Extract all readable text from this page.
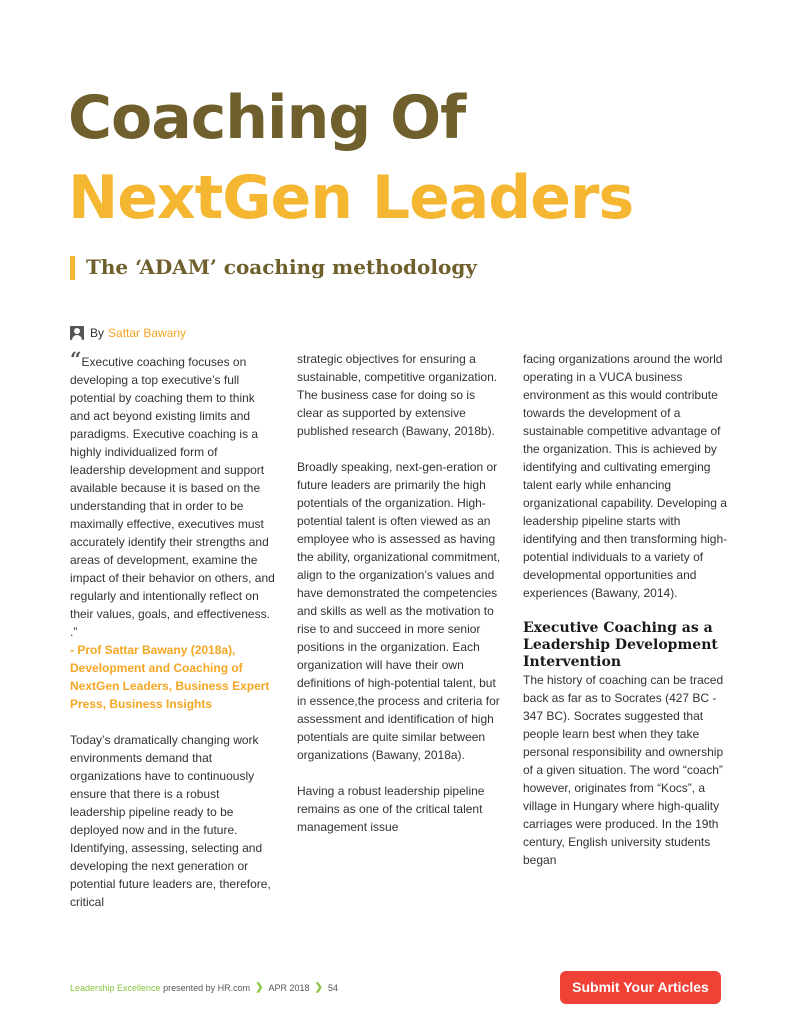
Coaching Of
NextGen Leaders
The ‘ADAM’ coaching methodology
By Sattar Bawany

“Executive coaching focuses on developing a top executive’s full potential by coaching them to think and act beyond existing limits and paradigms. Executive coaching is a highly individualized form of leadership development and support available because it is based on the understanding that in order to be maximally effective, executives must accurately identify their strengths and areas of development, examine the impact of their behavior on others, and regularly and intentionally reflect on their values, goals, and effectiveness. .”

- Prof Sattar Bawany (2018a), Development and Coaching of NextGen Leaders, Business Expert Press, Business Insights

Today’s dramatically changing work environments demand that organizations have to continuously ensure that there is a robust leadership pipeline ready to be deployed now and in the future. Identifying, assessing, selecting and developing the next generation or potential future leaders are, therefore, critical

strategic objectives for ensuring a sustainable, competitive organization. The business case for doing so is clear as supported by extensive published research (Bawany, 2018b).

Broadly speaking, next-gen-eration or future leaders are primarily the high potentials of the organization. High-potential talent is often viewed as an employee who is assessed as having the ability, organizational commitment, align to the organization’s values and have demonstrated the competencies and skills as well as the motivation to rise to and succeed in more senior positions in the organization. Each organization will have their own definitions of high-potential talent, but in essence,the process and criteria for assessment and identification of high potentials are quite similar between organizations (Bawany, 2018a).

Having a robust leadership pipeline remains as one of the critical talent management issue

facing organizations around the world operating in a VUCA business environment as this would contribute towards the development of a sustainable competitive advantage of the organization. This is achieved by identifying and cultivating emerging talent early while enhancing organizational capability. Developing a leadership pipeline starts with identifying and then transforming high-potential individuals to a variety of developmental opportunities and experiences (Bawany, 2014).

Executive Coaching as a Leadership Development Intervention

The history of coaching can be traced back as far as to Socrates (427 BC - 347 BC). Socrates suggested that people learn best when they take personal responsibility and ownership of a given situation. The word “coach” however, originates from “Kocs”, a village in Hungary where high-quality carriages were produced. In the 19th century, English university students began

Leadership Excellence
presented by HR.com ❯ APR 2018 ❯ 54	Submit Your Articles
